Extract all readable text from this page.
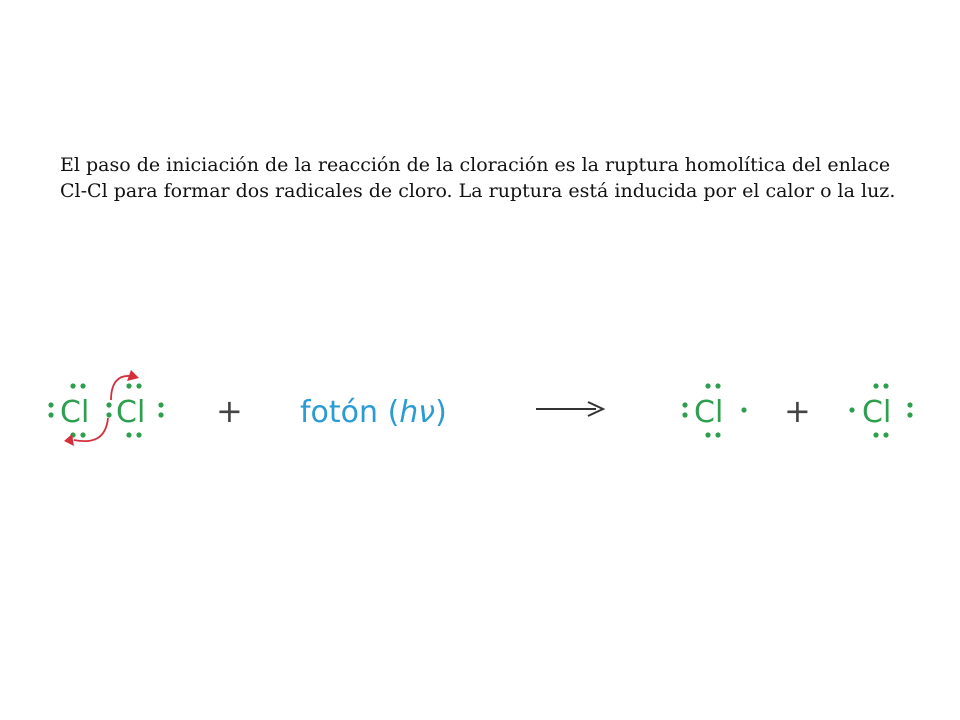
El paso de iniciación de la reacción de la cloración es la ruptura homolítica del enlace Cl-Cl para formar dos radicales de cloro. La ruptura está inducida por el calor o la luz.
Cl Cl + fotón (hν)	Cl + Cl
